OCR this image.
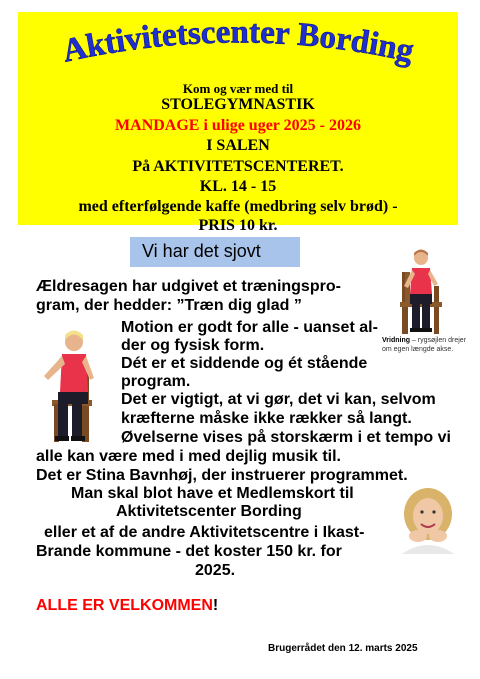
Aktivitetscenter Bording
Kom og vær med til
STOLEGYMNASTIK
MANDAGE i ulige uger 2025 - 2026
I SALEN
På AKTIVITETSCENTERET.
KL. 14 - 15
med efterfølgende kaffe (medbring selv brød) -
PRIS 10 kr.
Vi har det sjovt
Vridning – rygsøjlen drejer om egen længde akse.
Ældresagen har udgivet et træningspro-
gram, der hedder: ”Træn dig glad ”
Motion er godt for alle - uanset al-
der og fysisk form.
Dét er et siddende og ét stående
program.
Det er vigtigt, at vi gør, det vi kan, selvom
kræfterne måske ikke rækker så langt.
Øvelserne vises på storskærm i et tempo vi
alle kan være med i med dejlig musik til.
Det er Stina Bavnhøj, der instruerer programmet.
Man skal blot have et Medlemskort til
Aktivitetscenter Bording
eller et af de andre Aktivitetscentre i Ikast-
Brande kommune - det koster 150 kr. for
2025.
ALLE ER VELKOMMEN!
Brugerrådet den 12. marts 2025
